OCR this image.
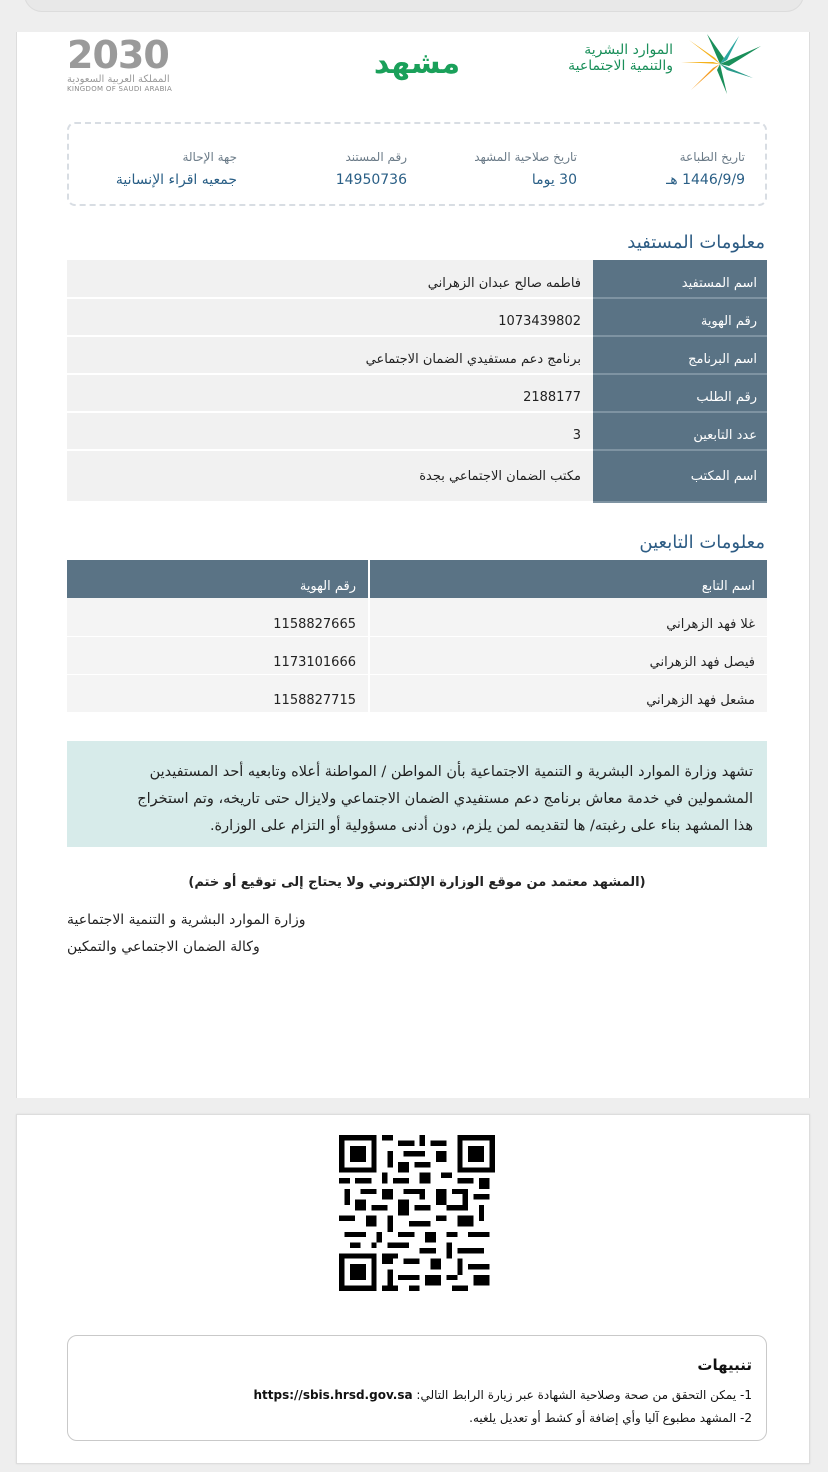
2030
المملكة العربية السعودية
KINGDOM OF SAUDI ARABIA
مشهد	الموارد البشرية
والتنمية الاجتماعية
تاريخ الطباعة
1446/9/9 هـ
تاريخ صلاحية المشهد
30 يوما
رقم المستند
14950736
جهة الإحالة
جمعيه اقراء الإنسانية
معلومات المستفيد
اسم المستفيد	فاطمه صالح عبدان الزهراني
رقم الهوية	1073439802
اسم البرنامج	برنامج دعم مستفيدي الضمان الاجتماعي
رقم الطلب	2188177
عدد التابعين	3
اسم المكتب	مكتب الضمان الاجتماعي بجدة
معلومات التابعين
اسم التابع	رقم الهوية
غلا فهد الزهراني	1158827665
فيصل فهد الزهراني	1173101666
مشعل فهد الزهراني	1158827715
تشهد وزارة الموارد البشرية و التنمية الاجتماعية بأن المواطن / المواطنة أعلاه وتابعيه أحد المستفيدين
المشمولين في خدمة معاش برنامج دعم مستفيدي الضمان الاجتماعي ولايزال حتى تاريخه، وتم استخراج
هذا المشهد بناء على رغبته/ ها لتقديمه لمن يلزم، دون أدنى مسؤولية أو التزام على الوزارة.
(المشهد معتمد من موقع الوزارة الإلكتروني ولا يحتاج إلى توقيع أو ختم)
وزارة الموارد البشرية و التنمية الاجتماعية
وكالة الضمان الاجتماعي والتمكين
تنبيهات
1- يمكن التحقق من صحة وصلاحية الشهادة عبر زيارة الرابط التالي: https://sbis.hrsd.gov.sa
2- المشهد مطبوع آليا وأي إضافة أو كشط أو تعديل يلغيه.
